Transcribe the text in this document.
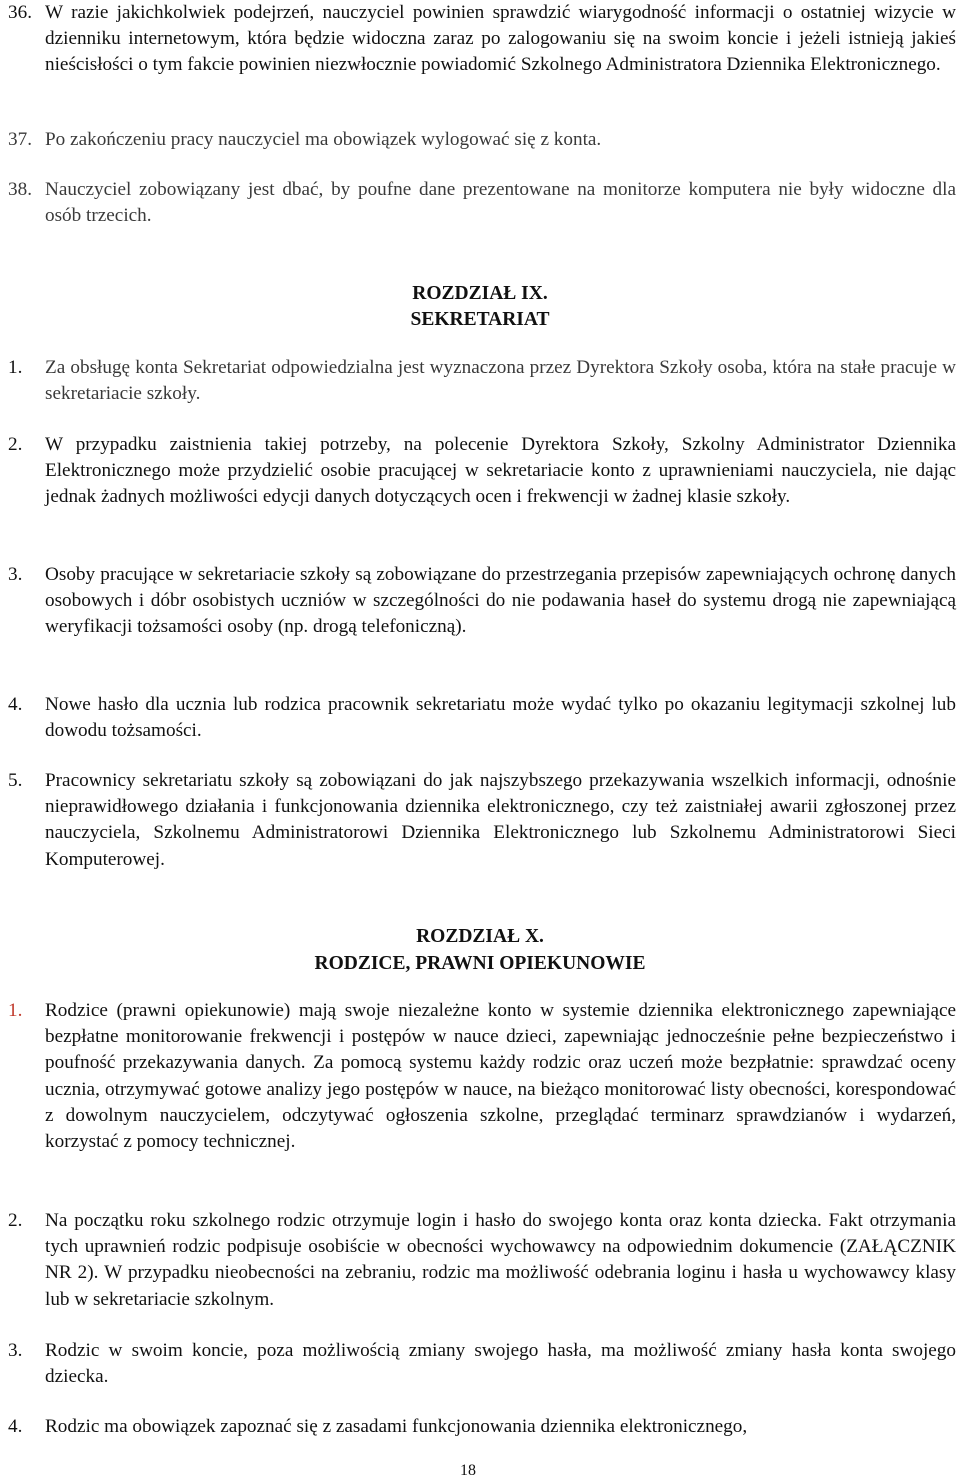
36. W razie jakichkolwiek podejrzeń, nauczyciel powinien sprawdzić wiarygodność informacji o ostatniej wizycie w dzienniku internetowym, która będzie widoczna zaraz po zalogowaniu się na swoim koncie i jeżeli istnieją jakieś nieścisłości o tym fakcie powinien niezwłocznie powiadomić Szkolnego Administratora Dziennika Elektronicznego.
37. Po zakończeniu pracy nauczyciel ma obowiązek wylogować się z konta.
38. Nauczyciel zobowiązany jest dbać, by poufne dane prezentowane na monitorze komputera nie były widoczne dla osób trzecich.
ROZDZIAŁ IX.
SEKRETARIAT
1.	Za obsługę konta Sekretariat odpowiedzialna jest wyznaczona przez Dyrektora Szkoły osoba, która na stałe pracuje w sekretariacie szkoły.
2.	W przypadku zaistnienia takiej potrzeby, na polecenie Dyrektora Szkoły, Szkolny Administrator Dziennika Elektronicznego może przydzielić osobie pracującej w sekretariacie konto z uprawnieniami nauczyciela, nie dając jednak żadnych możliwości edycji danych dotyczących ocen i frekwencji w żadnej klasie szkoły.
3.	Osoby pracujące w sekretariacie szkoły są zobowiązane do przestrzegania przepisów zapewniających ochronę danych osobowych i dóbr osobistych uczniów w szczególności do nie podawania haseł do systemu drogą nie zapewniającą weryfikacji tożsamości osoby (np. drogą telefoniczną).
4.	Nowe hasło dla ucznia lub rodzica pracownik sekretariatu może wydać tylko po okazaniu legitymacji szkolnej lub dowodu tożsamości.
5.	Pracownicy sekretariatu szkoły są zobowiązani do jak najszybszego przekazywania wszelkich informacji, odnośnie nieprawidłowego działania i funkcjonowania dziennika elektronicznego, czy też zaistniałej awarii zgłoszonej przez nauczyciela, Szkolnemu Administratorowi Dziennika Elektronicznego lub Szkolnemu Administratorowi Sieci Komputerowej.
ROZDZIAŁ X.
RODZICE, PRAWNI OPIEKUNOWIE
1.	Rodzice (prawni opiekunowie) mają swoje niezależne konto w systemie dziennika elektronicznego zapewniające bezpłatne monitorowanie frekwencji i postępów w nauce dzieci, zapewniając jednocześnie pełne bezpieczeństwo i poufność przekazywania danych. Za pomocą systemu każdy rodzic oraz uczeń może bezpłatnie: sprawdzać oceny ucznia, otrzymywać gotowe analizy jego postępów w nauce, na bieżąco monitorować listy obecności, korespondować z dowolnym nauczycielem, odczytywać ogłoszenia szkolne, przeglądać terminarz sprawdzianów i wydarzeń, korzystać z pomocy technicznej.
2.	Na początku roku szkolnego rodzic otrzymuje login i hasło do swojego konta oraz konta dziecka. Fakt otrzymania tych uprawnień rodzic podpisuje osobiście w obecności wychowawcy na odpowiednim dokumencie (ZAŁĄCZNIK NR 2). W przypadku nieobecności na zebraniu, rodzic ma możliwość odebrania loginu i hasła u wychowawcy klasy lub w sekretariacie szkolnym.
3.	Rodzic w swoim koncie, poza możliwością zmiany swojego hasła, ma możliwość zmiany hasła konta swojego dziecka.
4.	Rodzic ma obowiązek zapoznać się z zasadami funkcjonowania dziennika elektronicznego,
18
